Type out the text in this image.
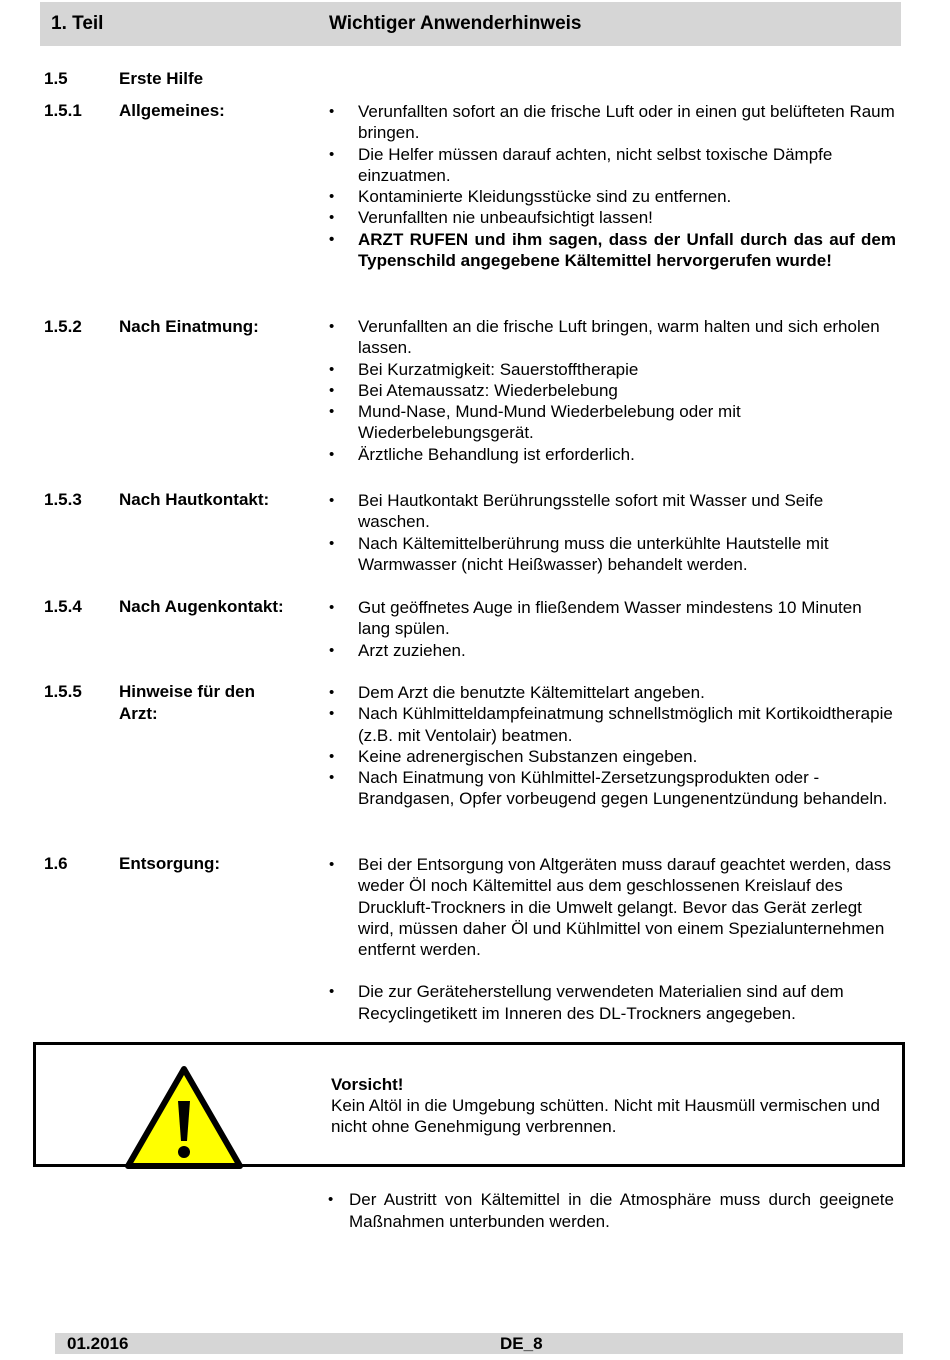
1. Teil	Wichtiger Anwenderhinweis
1.5	Erste Hilfe
1.5.1 Allgemeines:	• Verunfallten sofort an die frische Luft oder in einen gut belüfteten Raum bringen.
• Die Helfer müssen darauf achten, nicht selbst toxische Dämpfe einzuatmen.
• Kontaminierte Kleidungsstücke sind zu entfernen.
• Verunfallten nie unbeaufsichtigt lassen!
• ARZT RUFEN und ihm sagen, dass der Unfall durch das auf dem Typenschild angegebene Kältemittel hervorgerufen wurde!
1.5.2 Nach Einatmung:	• Verunfallten an die frische Luft bringen, warm halten und sich erholen lassen.
• Bei Kurzatmigkeit: Sauerstofftherapie
• Bei Atemaussatz: Wiederbelebung
• Mund-Nase, Mund-Mund Wiederbelebung oder mit Wiederbelebungsgerät.
• Ärztliche Behandlung ist erforderlich.
1.5.3 Nach Hautkontakt:	• Bei Hautkontakt Berührungsstelle sofort mit Wasser und Seife waschen.
• Nach Kältemittelberührung muss die unterkühlte Hautstelle mit Warmwasser (nicht Heißwasser) behandelt werden.
1.5.4 Nach Augenkontakt:	• Gut geöffnetes Auge in fließendem Wasser mindestens 10 Minuten lang spülen.
• Arzt zuziehen.
1.5.5 Hinweise für den
Arzt:
• Dem Arzt die benutzte Kältemittelart angeben.
• Nach Kühlmitteldampfeinatmung schnellstmöglich mit Kortikoidtherapie (z.B. mit Ventolair) beatmen.
• Keine adrenergischen Substanzen eingeben.
• Nach Einatmung von Kühlmittel-Zersetzungsprodukten oder - Brandgasen, Opfer vorbeugend gegen Lungenentzündung behandeln.
1.6	Entsorgung:	• Bei der Entsorgung von Altgeräten muss darauf geachtet werden, dass weder Öl noch Kältemittel aus dem geschlossenen Kreislauf des Druckluft-Trockners in die Umwelt gelangt. Bevor das Gerät zerlegt wird, müssen daher Öl und Kühlmittel von einem Spezialunternehmen entfernt werden.
• Die zur Geräteherstellung verwendeten Materialien sind auf dem Recyclingetikett im Inneren des DL-Trockners angegeben.
Vorsicht!
Kein Altöl in die Umgebung schütten. Nicht mit Hausmüll vermischen und nicht ohne Genehmigung verbrennen.
• Der Austritt von Kältemittel in die Atmosphäre muss durch geeignete Maßnahmen unterbunden werden.
01.2016	DE_8
